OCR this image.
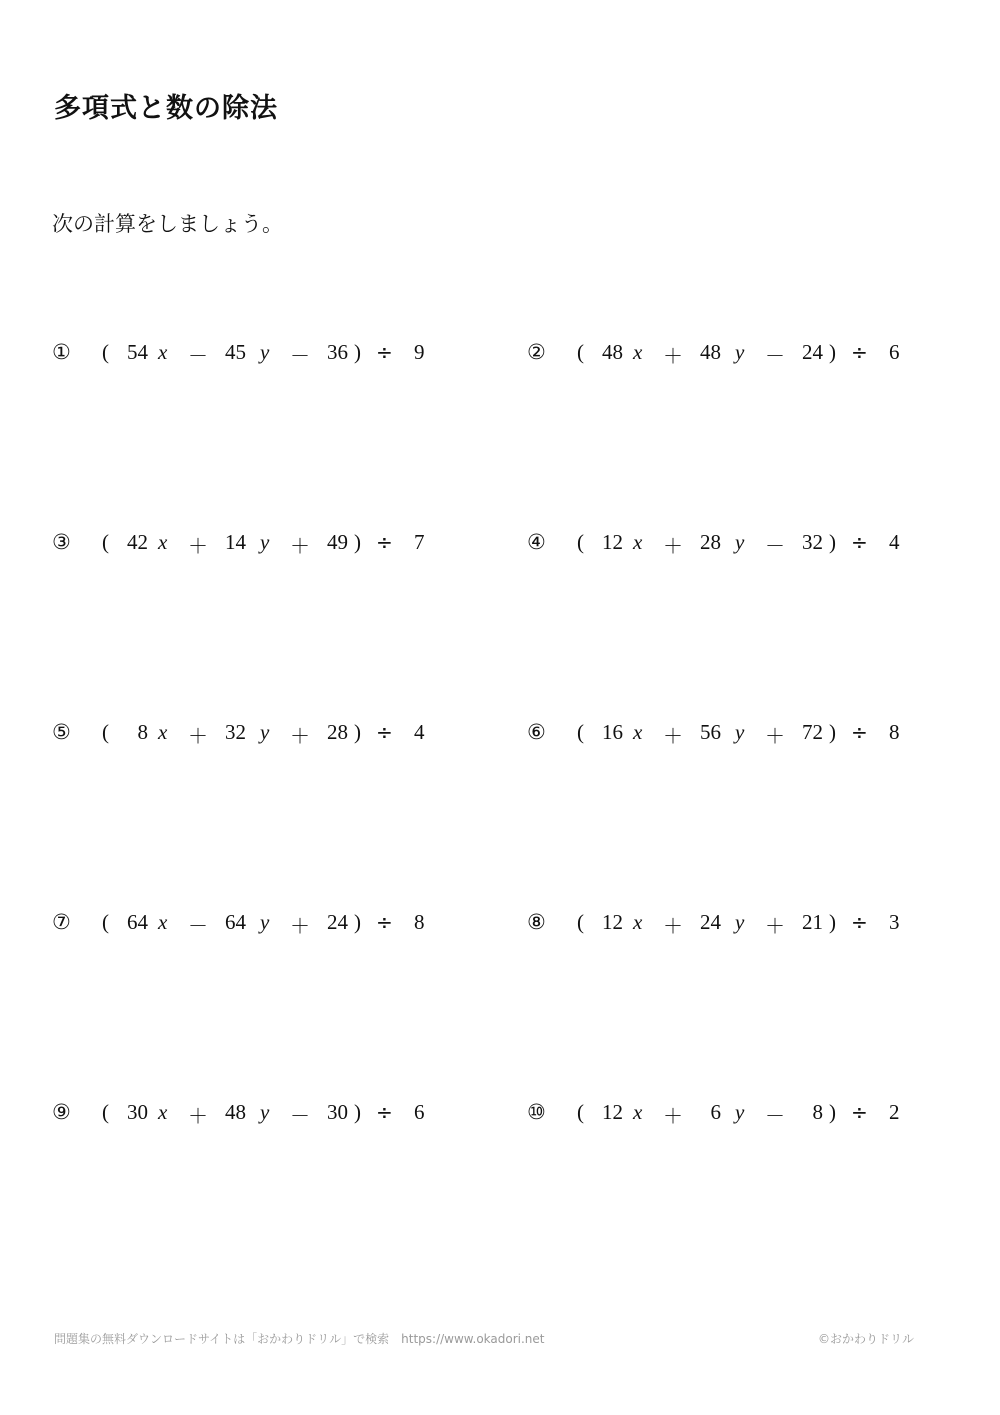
多項式と数の除法
次の計算をしましょう。
① ( 54 x － 45 y － 36 ) ÷ 9	② ( 48 x ＋ 48 y － 24 ) ÷ 6
③ ( 42 x ＋ 14 y ＋ 49 ) ÷ 7	④ ( 12 x ＋ 28 y － 32 ) ÷ 4
⑤ ( 8 x ＋ 32 y ＋ 28 ) ÷ 4	⑥ ( 16 x ＋ 56 y ＋ 72 ) ÷ 8
⑦ ( 64 x － 64 y ＋ 24 ) ÷ 8	⑧ ( 12 x ＋ 24 y ＋ 21 ) ÷ 3
⑨ ( 30 x ＋ 48 y － 30 ) ÷ 6	⑩ ( 12 x ＋ 6 y － 8 ) ÷ 2
問題集の無料ダウンロードサイトは「おかわりドリル」で検索　https://www.okadori.net	©おかわりドリル
